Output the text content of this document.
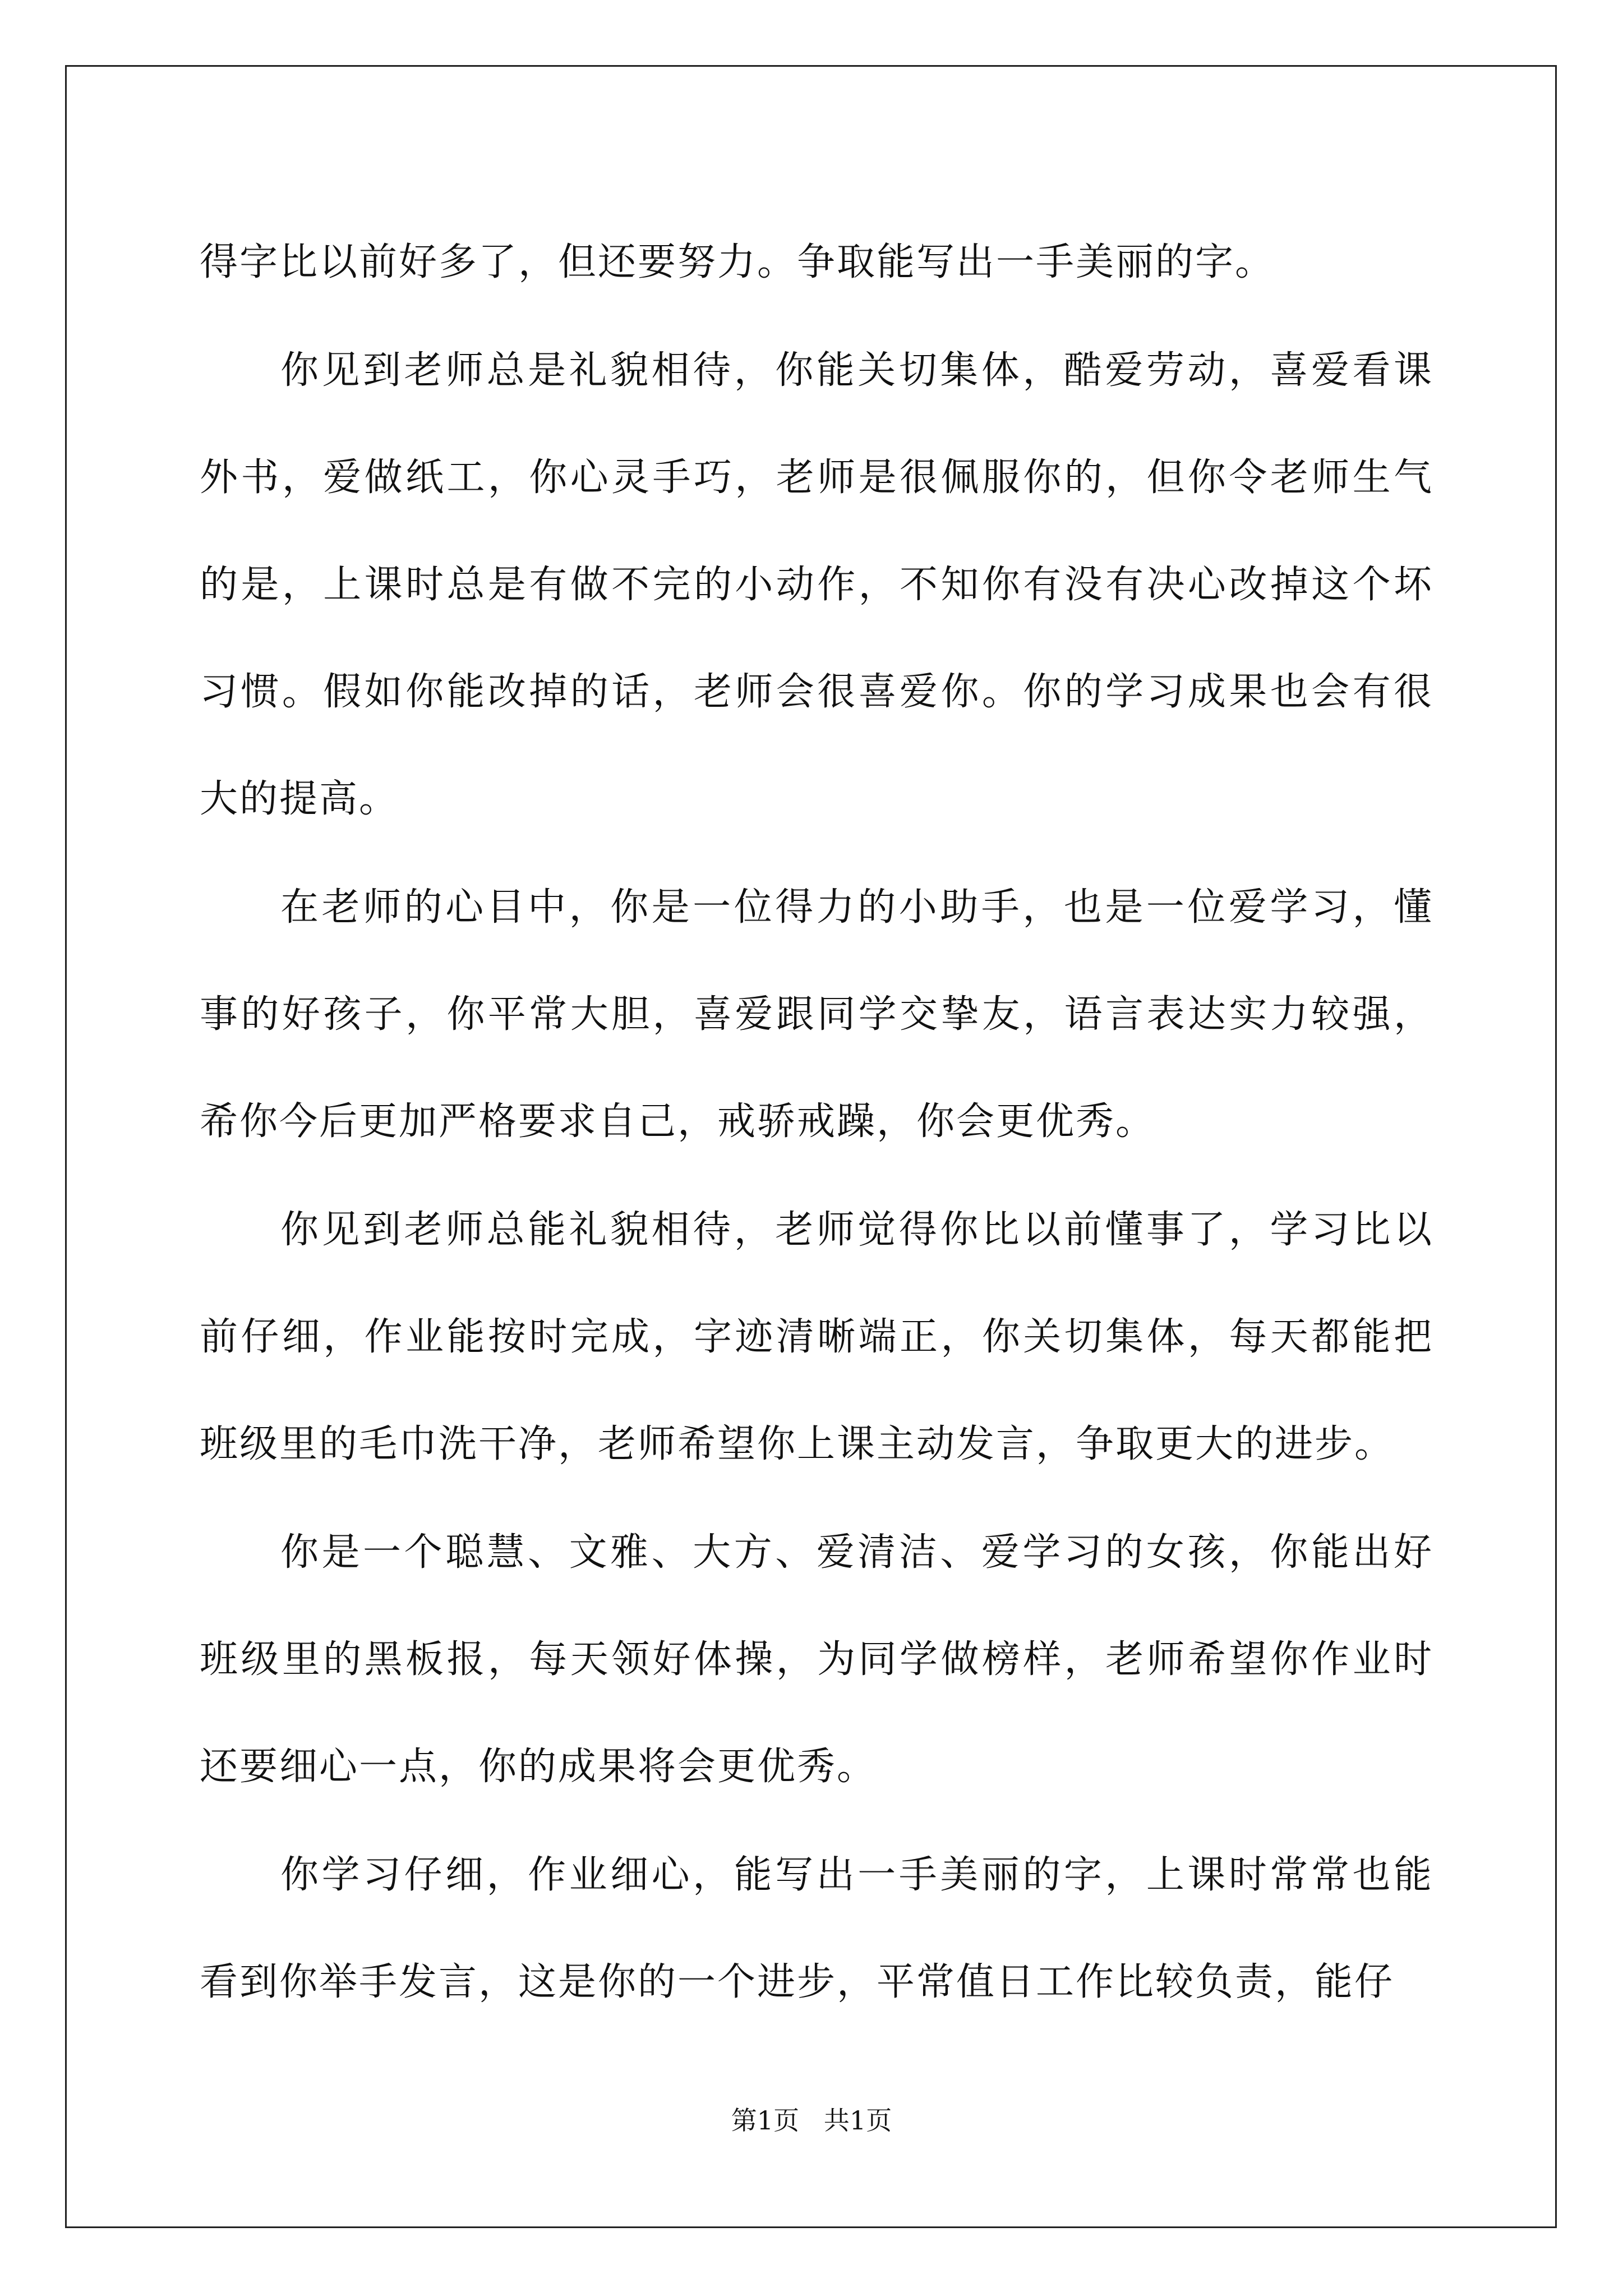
得字比以前好多了，但还要努力。争取能写出一手美丽的字。

你见到老师总是礼貌相待，你能关切集体，酷爱劳动，喜爱看课外书，爱做纸工，你心灵手巧，老师是很佩服你的，但你令老师生气的是，上课时总是有做不完的小动作，不知你有没有决心改掉这个坏习惯。假如你能改掉的话，老师会很喜爱你。你的学习成果也会有很大的提高。

在老师的心目中，你是一位得力的小助手，也是一位爱学习，懂事的好孩子，你平常大胆，喜爱跟同学交挚友，语言表达实力较强，希你今后更加严格要求自己，戒骄戒躁，你会更优秀。

你见到老师总能礼貌相待，老师觉得你比以前懂事了，学习比以前仔细，作业能按时完成，字迹清晰端正，你关切集体，每天都能把班级里的毛巾洗干净，老师希望你上课主动发言，争取更大的进步。

你是一个聪慧、文雅、大方、爱清洁、爱学习的女孩，你能出好班级里的黑板报，每天领好体操，为同学做榜样，老师希望你作业时还要细心一点，你的成果将会更优秀。

你学习仔细，作业细心，能写出一手美丽的字，上课时常常也能看到你举手发言，这是你的一个进步，平常值日工作比较负责，能仔

第1页   共1页
